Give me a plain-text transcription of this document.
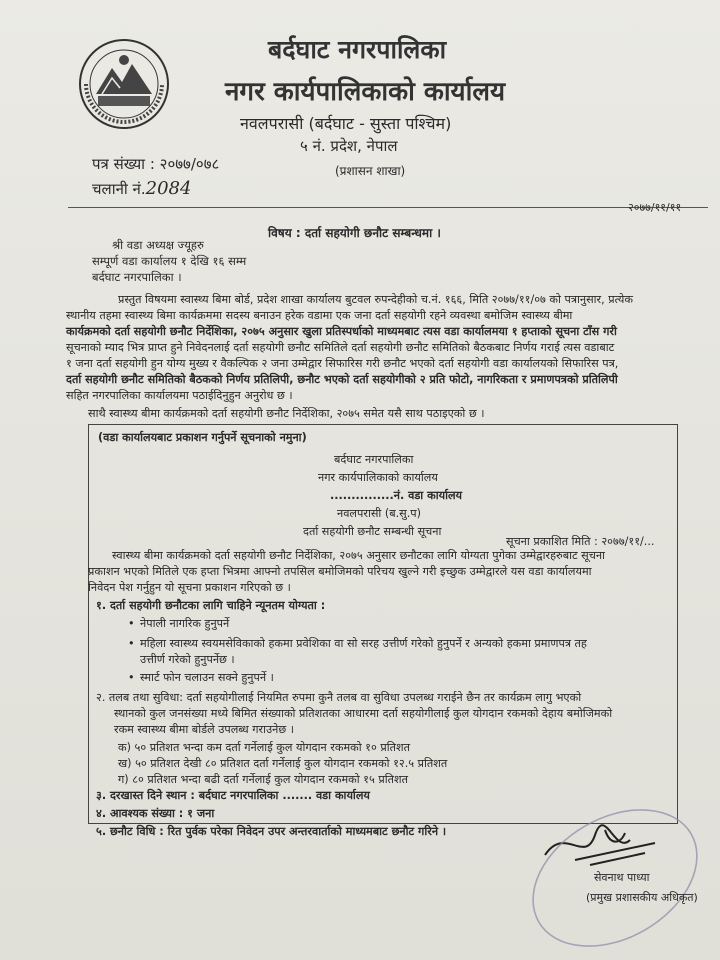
बर्दघाट नगरपालिका
नगर कार्यपालिकाको कार्यालय
नवलपरासी (बर्दघाट - सुस्ता पश्चिम)
५ नं. प्रदेश, नेपाल
(प्रशासन शाखा)
पत्र संख्या : २०७७/०७८
चलानी नं.2084
२०७७/११/११
विषय : दर्ता सहयोगी छनौट सम्बन्धमा ।
श्री वडा अध्यक्ष ज्यूहरु
सम्पूर्ण वडा कार्यालय १ देखि १६ सम्म
बर्दघाट नगरपालिका ।
प्रस्तुत विषयमा स्वास्थ्य बिमा बोर्ड, प्रदेश शाखा कार्यालय बुटवल रुपन्देहीको च.नं. १६६, मिति २०७७/११/०७ को पत्रानुसार, प्रत्येक
स्थानीय तहमा स्वास्थ्य बिमा कार्यक्रममा सदस्य बनाउन हरेक वडामा एक जना दर्ता सहयोगी रहने व्यवस्था बमोजिम स्वास्थ्य बीमा
कार्यक्रमको दर्ता सहयोगी छनौट निर्देशिका, २०७५ अनुसार खुला प्रतिस्पर्धाको माध्यमबाट त्यस वडा कार्यालमया १ हप्ताको सूचना टाँस गरी
सूचनाको म्याद भित्र प्राप्त हुने निवेदनलाई दर्ता सहयोगी छनौट समितिले दर्ता सहयोगी छनौट समितिको बैठकबाट निर्णय गराई त्यस वडाबाट
१ जना दर्ता सहयोगी हुन योग्य मुख्य र वैकल्पिक २ जना उम्मेद्वार सिफारिस गरी छनौट भएको दर्ता सहयोगी वडा कार्यालयको सिफारिस पत्र,
दर्ता सहयोगी छनौट समितिको बैठकको निर्णय प्रतिलिपी, छनौट भएको दर्ता सहयोगीको २ प्रति फोटो, नागरिकता र प्रमाणपत्रको प्रतिलिपी
सहित नगरपालिका कार्यालयमा पठाईदिनुहुन अनुरोध छ ।
साथै स्वास्थ्य बीमा कार्यक्रमको दर्ता सहयोगी छनौट निर्देशिका, २०७५ समेत यसै साथ पठाइएको छ ।
(वडा कार्यालयबाट प्रकाशन गर्नुपर्ने सूचनाको नमुना)
बर्दघाट नगरपालिका
नगर कार्यपालिकाको कार्यालय
...............नं. वडा कार्यालय
नवलपरासी (ब.सु.प)
दर्ता सहयोगी छनौट सम्बन्धी सूचना
सूचना प्रकाशित मिति : २०७७/११/...
स्वास्थ्य बीमा कार्यक्रमको दर्ता सहयोगी छनौट निर्देशिका, २०७५ अनुसार छनौटका लागि योग्यता पुगेका उम्मेद्वारहरुबाट सूचना
प्रकाशन भएको मितिले एक हप्ता भित्रमा आफ्नो तपसिल बमोजिमको परिचय खुल्ने गरी इच्छुक उम्मेद्वारले यस वडा कार्यालयमा
निवेदन पेश गर्नुहुन यो सूचना प्रकाशन गरिएको छ ।
१. दर्ता सहयोगी छनौटका लागि चाहिने न्यूनतम योग्यता :
• नेपाली नागरिक हुनुपर्ने
• महिला स्वास्थ्य स्वयमसेविकाको हकमा प्रवेशिका वा सो सरह उत्तीर्ण गरेको हुनुपर्ने र अन्यको हकमा प्रमाणपत्र तह
उत्तीर्ण गरेको हुनुपर्नेछ ।
• स्मार्ट फोन चलाउन सक्ने हुनुपर्ने ।
२. तलब तथा सुविधा: दर्ता सहयोगीलाई नियमित रुपमा कुनै तलब वा सुविधा उपलब्ध गराईने छैन तर कार्यक्रम लागु भएको
स्थानको कुल जनसंख्या मध्ये बिमित संख्याको प्रतिशतका आधारमा दर्ता सहयोगीलाई कुल योगदान रकमको देहाय बमोजिमको
रकम स्वास्थ्य बीमा बोर्डले उपलब्ध गराउनेछ ।
क) ५० प्रतिशत भन्दा कम दर्ता गर्नेलाई कुल योगदान रकमको १० प्रतिशत
ख) ५० प्रतिशत देखी ८० प्रतिशत दर्ता गर्नेलाई कुल योगदान रकमको १२.५ प्रतिशत
ग) ८० प्रतिशत भन्दा बढी दर्ता गर्नेलाई कुल योगदान रकमको १५ प्रतिशत
३. दरखास्त दिने स्थान : बर्दघाट नगरपालिका ....... वडा कार्यालय
४. आवश्यक संख्या : १ जना
५. छनौट विधि : रित पुर्वक परेका निवेदन उपर अन्तरवार्ताको माध्यमबाट छनौट गरिने ।
सेवनाथ पाध्या
(प्रमुख प्रशासकीय अधिकृत)
